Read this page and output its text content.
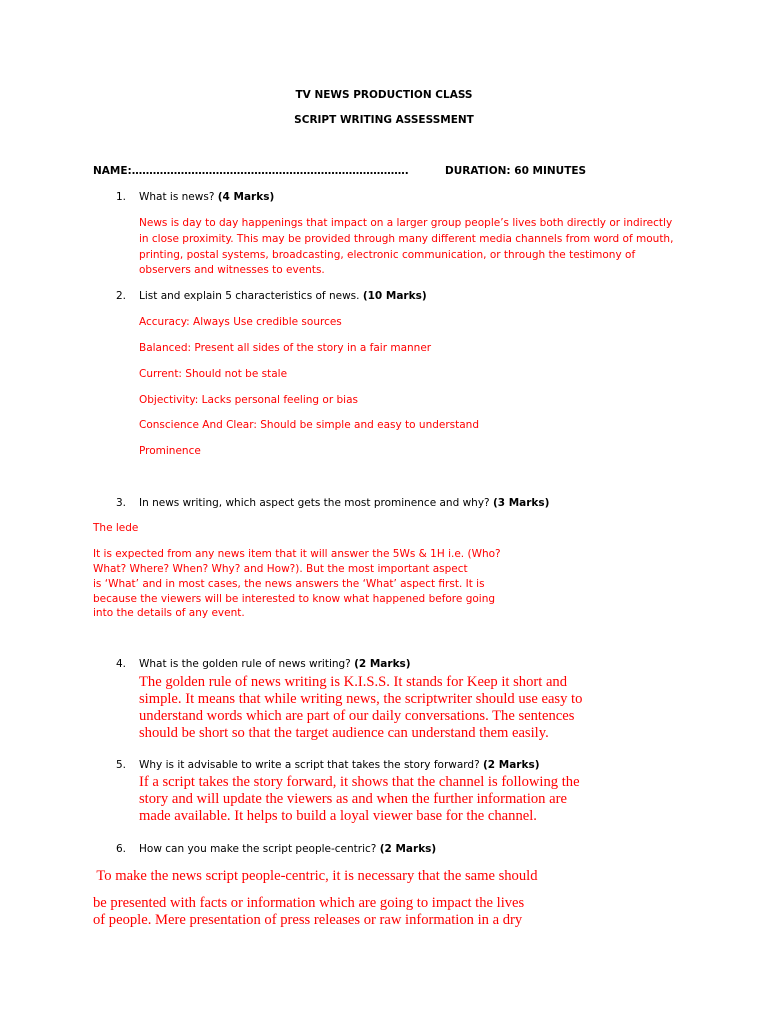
TV NEWS PRODUCTION CLASS
SCRIPT WRITING ASSESSMENT
NAME:…………………………………………………………………….	DURATION: 60 MINUTES
1. What is news? (4 Marks)
News is day to day happenings that impact on a larger group people’s lives both directly or indirectly
in close proximity. This may be provided through many different media channels from word of mouth,
printing, postal systems, broadcasting, electronic communication, or through the testimony of
observers and witnesses to events.
2. List and explain 5 characteristics of news. (10 Marks)
Accuracy: Always Use credible sources
Balanced: Present all sides of the story in a fair manner
Current: Should not be stale
Objectivity: Lacks personal feeling or bias
Conscience And Clear: Should be simple and easy to understand
Prominence
3. In news writing, which aspect gets the most prominence and why? (3 Marks)
The lede
It is expected from any news item that it will answer the 5Ws & 1H i.e. (Who?
What? Where? When? Why? and How?). But the most important aspect
is ‘What’ and in most cases, the news answers the ‘What’ aspect first. It is
because the viewers will be interested to know what happened before going
into the details of any event.
4. What is the golden rule of news writing? (2 Marks)
The golden rule of news writing is K.I.S.S. It stands for Keep it short and
simple. It means that while writing news, the scriptwriter should use easy to
understand words which are part of our daily conversations. The sentences
should be short so that the target audience can understand them easily.
5. Why is it advisable to write a script that takes the story forward? (2 Marks)
If a script takes the story forward, it shows that the channel is following the
story and will update the viewers as and when the further information are
made available. It helps to build a loyal viewer base for the channel.
6. How can you make the script people-centric? (2 Marks)
To make the news script people-centric, it is necessary that the same should
be presented with facts or information which are going to impact the lives
of people. Mere presentation of press releases or raw information in a dry
